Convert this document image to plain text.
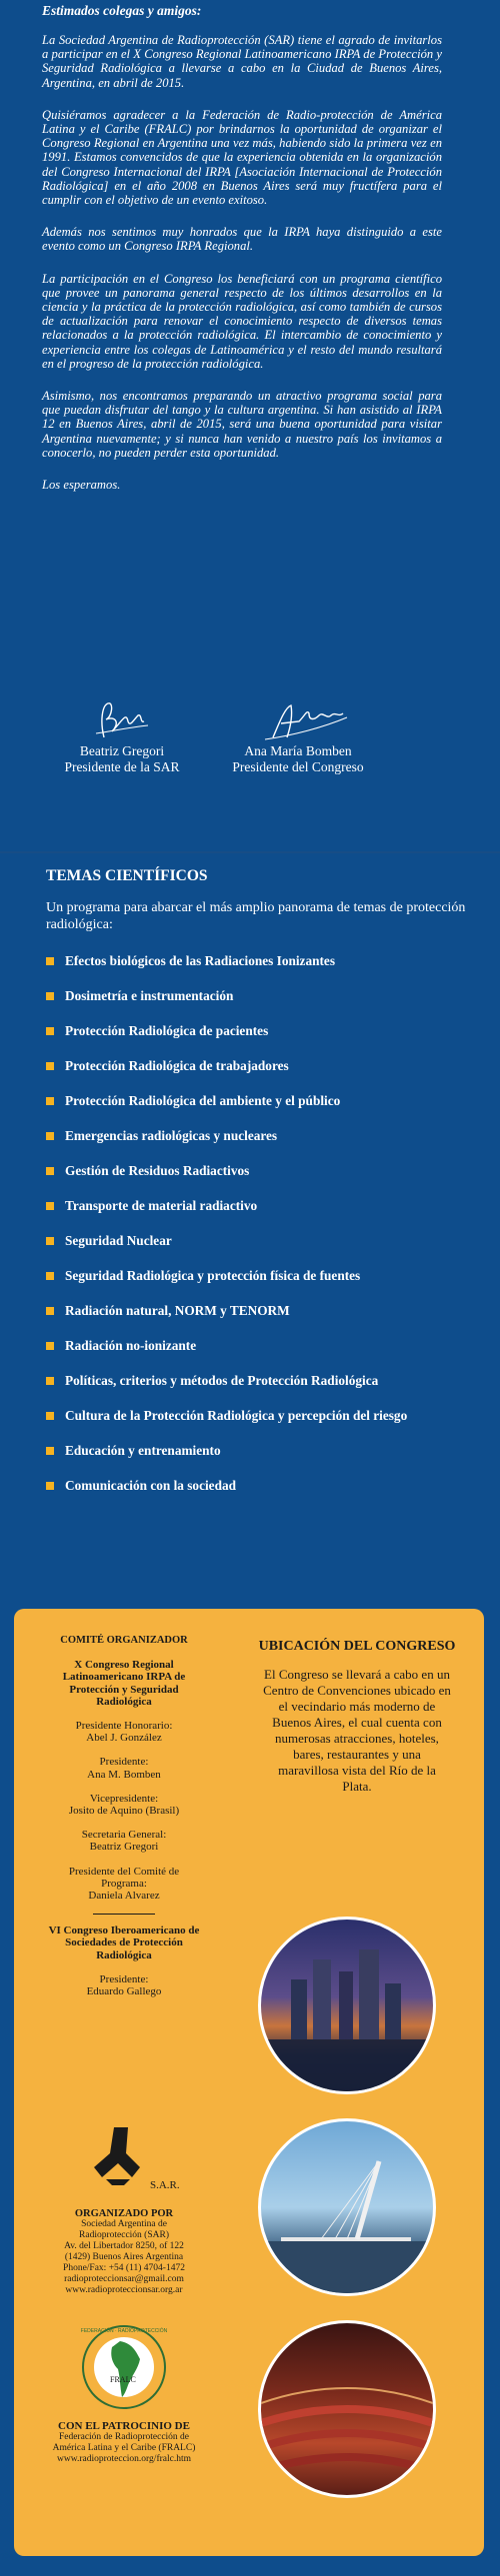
Estimados colegas y amigos:

La Sociedad Argentina de Radioprotección (SAR) tiene el agrado de invitarlos a participar en el X Congreso Regional Latinoamericano IRPA de Protección y Seguridad Radiológica a llevarse a cabo en la Ciudad de Buenos Aires, Argentina, en abril de 2015.

Quisiéramos agradecer a la Federación de Radio-protección de América Latina y el Caribe (FRALC) por brindarnos la oportunidad de organizar el Congreso Regional en Argentina una vez más, habiendo sido la primera vez en 1991. Estamos convencidos de que la experiencia obtenida en la organización del Congreso Internacional del IRPA [Asociación Internacional de Protección Radiológica] en el año 2008 en Buenos Aires será muy fructífera para el cumplir con el objetivo de un evento exitoso.

Además nos sentimos muy honrados que la IRPA haya distinguido a este evento como un Congreso IRPA Regional.

La participación en el Congreso los beneficiará con un programa científico que provee un panorama general respecto de los últimos desarrollos en la ciencia y la práctica de la protección radiológica, así como también de cursos de actualización para renovar el conocimiento respecto de diversos temas relacionados a la protección radiológica. El intercambio de conocimiento y experiencia entre los colegas de Latinoamérica y el resto del mundo resultará en el progreso de la protección radiológica.

Asimismo, nos encontramos preparando un atractivo programa social para que puedan disfrutar del tango y la cultura argentina. Si han asistido al IRPA 12 en Buenos Aires, abril de 2015, será una buena oportunidad para visitar Argentina nuevamente; y si nunca han venido a nuestro país los invitamos a conocerlo, no pueden perder esta oportunidad.

Los esperamos.

Beatriz Gregori
Presidente de la SAR
Ana María Bomben
Presidente del Congreso
TEMAS CIENTÍFICOS
Un programa para abarcar el más amplio panorama de temas de protección radiológica:
Efectos biológicos de las Radiaciones Ionizantes
Dosimetría e instrumentación
Protección Radiológica de pacientes
Protección Radiológica de trabajadores
Protección Radiológica del ambiente y el público
Emergencias radiológicas y nucleares
Gestión de Residuos Radiactivos
Transporte de material radiactivo
Seguridad Nuclear
Seguridad Radiológica y protección física de fuentes
Radiación natural, NORM y TENORM
Radiación no-ionizante
Políticas, criterios y métodos de Protección Radiológica
Cultura de la Protección Radiológica y percepción del riesgo
Educación y entrenamiento
Comunicación con la sociedad
COMITÉ ORGANIZADOR
X Congreso Regional Latinoamericano IRPA de Protección y Seguridad Radiológica
Presidente Honorario:
Abel J. González
Presidente:
Ana M. Bomben
Vicepresidente:
Josito de Aquino (Brasil)
Secretaria General:
Beatriz Gregori
Presidente del Comité de Programa:
Daniela Alvarez
VI Congreso Iberoamericano de Sociedades de Protección Radiológica
Presidente:
Eduardo Gallego
S.A.R.
ORGANIZADO POR
Sociedad Argentina de Radioprotección (SAR)
Av. del Libertador 8250, of 122 (1429) Buenos Aires Argentina
Phone/Fax: +54 (11) 4704-1472
radioproteccionsar@gmail.com
www.radioproteccionsar.org.ar
FEDERACIÓN · RADIOPROTECCIÓN
FRALC
CON EL PATROCINIO DE
Federación de Radioprotección de América Latina y el Caribe (FRALC)
www.radioproteccion.org/fralc.htm
UBICACIÓN DEL CONGRESO
El Congreso se llevará a cabo en un Centro de Convenciones ubicado en el vecindario más moderno de Buenos Aires, el cual cuenta con numerosas atracciones, hoteles, bares, restaurantes y una maravillosa vista del Río de la Plata.
